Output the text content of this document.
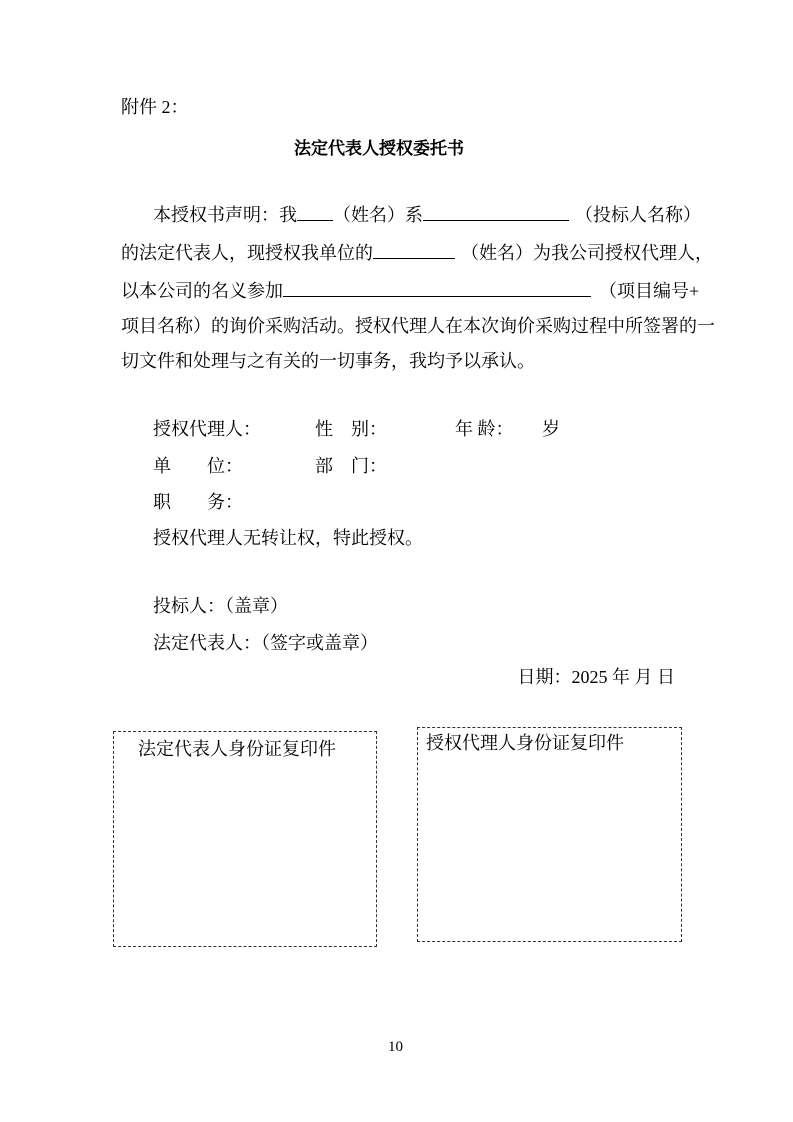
附件 2：
法定代表人授权委托书
本授权书声明：我 （姓名）系	（投标人名称）
的法定代表人，现授权我单位的	（姓名）为我公司授权代理人，
以本公司的名义参加	（项目编号+
项目名称）的询价采购活动。授权代理人在本次询价采购过程中所签署的一
切文件和处理与之有关的一切事务，我均予以承认。
授权代理人：	性　别：	年 龄： 岁
单　　位：	部　门：
职　　务：
授权代理人无转让权，特此授权。
投标人：（盖章）
法定代表人：（签字或盖章）
日期：2025 年 月 日
法定代表人身份证复印件	授权代理人身份证复印件
10
